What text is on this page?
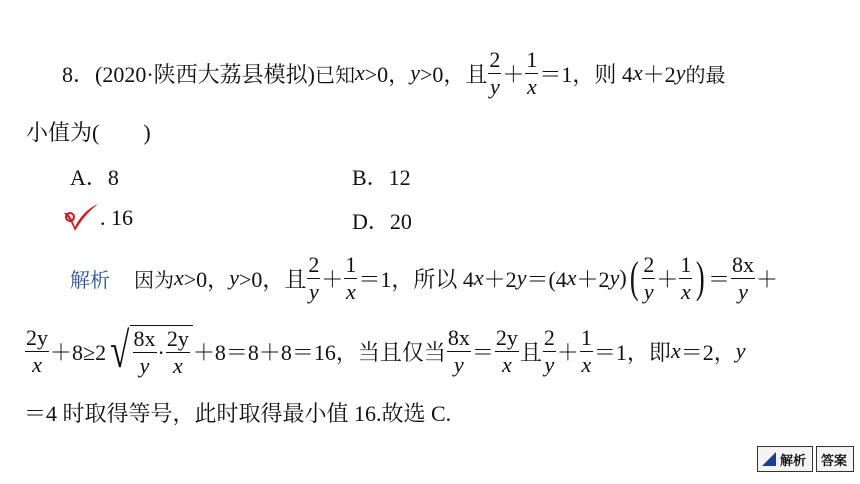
8． (2020·陕西大荔县模拟) 已知 x >0， y >0，且 $\frac{2}{y} + \frac{1}{x} =1$，则 4 x ＋2 y 的最
小值为(　　)
A．8	B．12
. 16	D．20
解析 因为 x >0， y >0，且 $\frac{2}{y} + \frac{1}{x} =1$，所以 4 x ＋2 y ＝(4 x ＋2 y ) ( $\frac{2}{y} + \frac{1}{x}$ ) ＝ $\frac{8x}{y}$ ＋
$\frac{2y}{x} +8\ge 2$ √ $\frac{8x}{y} \cdot \frac{2y}{x} +8=8+8=16$，当且仅当 $\frac{8x}{y} = \frac{2y}{x}$ 且 $\frac{2}{y} + \frac{1}{x} =1$，即 x ＝2， y
＝4 时取得等号，此时取得最小值 16.故选 C.
解析 答案
